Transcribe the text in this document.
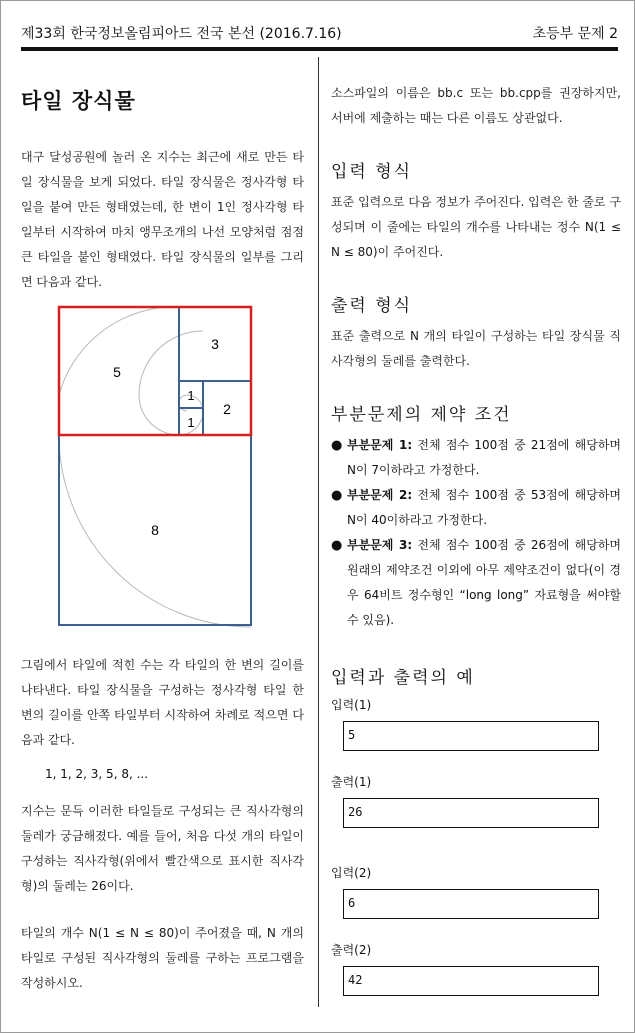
제33회 한국정보올림피아드 전국 본선 (2016.7.16)	초등부 문제 2
타일 장식물
대구 달성공원에 놀러 온 지수는 최근에 새로 만든 타일 장식물을 보게 되었다. 타일 장식물은 정사각형 타일을 붙여 만든 형태였는데, 한 변이 1인 정사각형 타일부터 시작하여 마치 앵무조개의 나선 모양처럼 점점 큰 타일을 붙인 형태였다. 타일 장식물의 일부를 그리면 다음과 같다.
5
3
1
1
2
8
그림에서 타일에 적힌 수는 각 타일의 한 변의 길이를 나타낸다. 타일 장식물을 구성하는 정사각형 타일 한 변의 길이를 안쪽 타일부터 시작하여 차례로 적으면 다음과 같다.
1, 1, 2, 3, 5, 8, ...
지수는 문득 이러한 타일들로 구성되는 큰 직사각형의 둘레가 궁금해졌다. 예를 들어, 처음 다섯 개의 타일이 구성하는 직사각형(위에서 빨간색으로 표시한 직사각형)의 둘레는 26이다.
타일의 개수 N(1 ≤ N ≤ 80)이 주어졌을 때, N 개의 타일로 구성된 직사각형의 둘레를 구하는 프로그램을 작성하시오.
소스파일의 이름은 bb.c 또는 bb.cpp를 권장하지만, 서버에 제출하는 때는 다른 이름도 상관없다.
입력 형식
표준 입력으로 다음 정보가 주어진다. 입력은 한 줄로 구성되며 이 줄에는 타일의 개수를 나타내는 정수 N(1 ≤ N ≤ 80)이 주어진다.
출력 형식
표준 출력으로 N 개의 타일이 구성하는 타일 장식물 직사각형의 둘레를 출력한다.
부분문제의 제약 조건
● 부분문제 1: 전체 점수 100점 중 21점에 해당하며 N이 7이하라고 가정한다.
● 부분문제 2: 전체 점수 100점 중 53점에 해당하며 N이 40이하라고 가정한다.
● 부분문제 3: 전체 점수 100점 중 26점에 해당하며 원래의 제약조건 이외에 아무 제약조건이 없다(이 경우 64비트 정수형인 “long long” 자료형을 써야할 수 있음).
입력과 출력의 예
입력(1)
5
출력(1)
26
입력(2)
6
출력(2)
42
